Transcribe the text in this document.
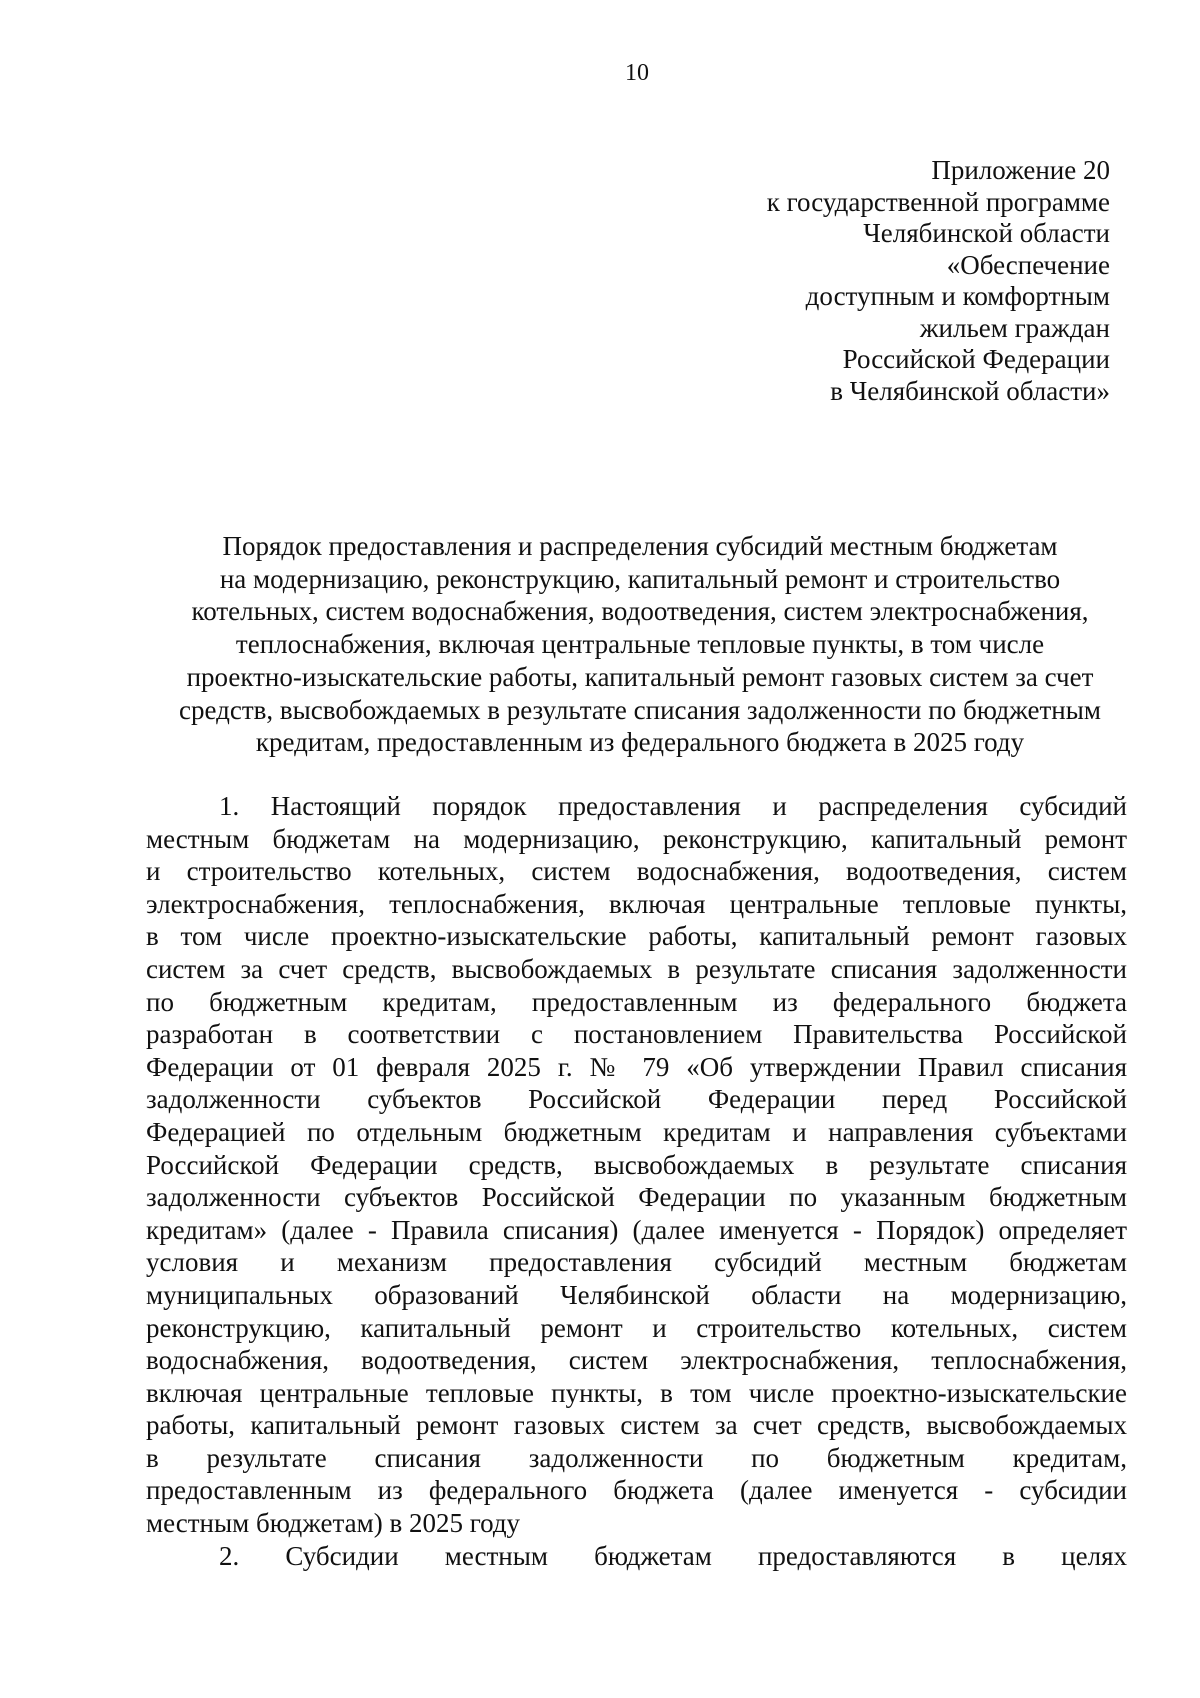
10
Приложение 20
к государственной программе
Челябинской области
«Обеспечение
доступным и комфортным
жильем граждан
Российской Федерации
в Челябинской области»
Порядок предоставления и распределения субсидий местным бюджетам
на модернизацию, реконструкцию, капитальный ремонт и строительство
котельных, систем водоснабжения, водоотведения, систем электроснабжения,
теплоснабжения, включая центральные тепловые пункты, в том числе
проектно-изыскательские работы, капитальный ремонт газовых систем за счет
средств, высвобождаемых в результате списания задолженности по бюджетным
кредитам, предоставленным из федерального бюджета в 2025 году
1. Настоящий порядок предоставления и распределения субсидий
местным бюджетам на модернизацию, реконструкцию, капитальный ремонт
и строительство котельных, систем водоснабжения, водоотведения, систем
электроснабжения, теплоснабжения, включая центральные тепловые пункты,
в том числе проектно-изыскательские работы, капитальный ремонт газовых
систем за счет средств, высвобождаемых в результате списания задолженности
по бюджетным кредитам, предоставленным из федерального бюджета
разработан в соответствии с постановлением Правительства Российской
Федерации от 01 февраля 2025 г. № 79 «Об утверждении Правил списания
задолженности субъектов Российской Федерации перед Российской
Федерацией по отдельным бюджетным кредитам и направления субъектами
Российской Федерации средств, высвобождаемых в результате списания
задолженности субъектов Российской Федерации по указанным бюджетным
кредитам» (далее - Правила списания) (далее именуется - Порядок) определяет
условия и механизм предоставления субсидий местным бюджетам
муниципальных образований Челябинской области на модернизацию,
реконструкцию, капитальный ремонт и строительство котельных, систем
водоснабжения, водоотведения, систем электроснабжения, теплоснабжения,
включая центральные тепловые пункты, в том числе проектно-изыскательские
работы, капитальный ремонт газовых систем за счет средств, высвобождаемых
в результате списания задолженности по бюджетным кредитам,
предоставленным из федерального бюджета (далее именуется - субсидии
местным бюджетам) в 2025 году
2. Субсидии местным бюджетам предоставляются в целях
